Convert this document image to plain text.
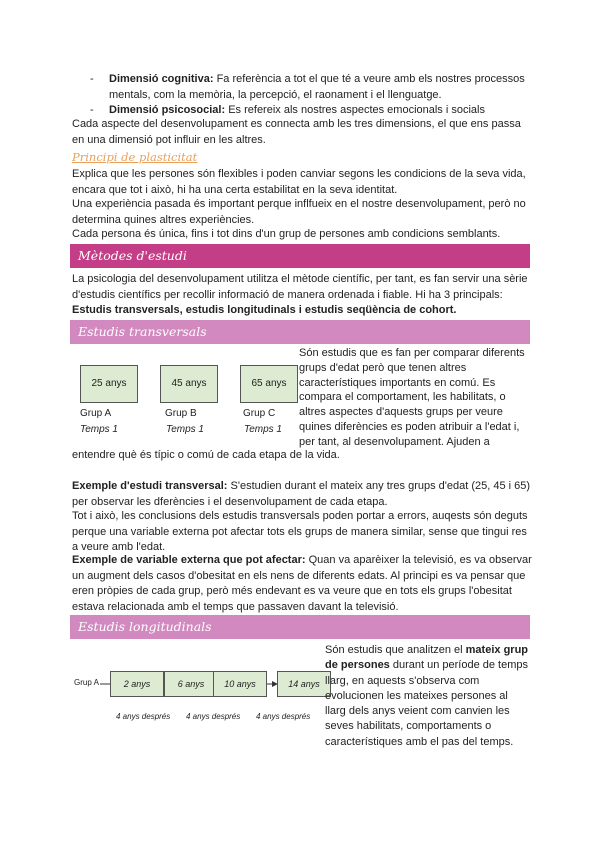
- Dimensió cognitiva: Fa referència a tot el que té a veure amb els nostres processos mentals, com la memòria, la percepció, el raonament i el llenguatge.
- Dimensió psicosocial: Es refereix als nostres aspectes emocionals i socials

Cada aspecte del desenvolupament es connecta amb les tres dimensions, el que ens passa en una dimensió pot influir en les altres.

Principi de plasticitat

Explica que les persones són flexibles i poden canviar segons les condicions de la seva vida, encara que tot i això, hi ha una certa estabilitat en la seva identitat.

Una experiència pasada és important perque inflfueix en el nostre desenvolupament, però no determina quines altres experiències.

Cada persona és única, fins i tot dins d'un grup de persones amb condicions semblants.

Mètodes d'estudi

La psicologia del desenvolupament utilitza el mètode científic, per tant, es fan servir una sèrie d'estudis científics per recollir informació de manera ordenada i fiable. Hi ha 3 principals: Estudis transversals, estudis longitudinals i estudis seqüència de cohort.

Estudis transversals
25 anys	45 anys	65 anys
Grup A	Grup B	Grup C
Temps 1	Temps 1	Temps 1

Són estudis que es fan per comparar diferents grups d'edat però que tenen altres característiques importants en comú. Es compara el comportament, les habilitats, o altres aspectes d'aquests grups per veure quines diferències es poden atribuir a l'edat i, per tant, al desenvolupament. Ajuden a

entendre què és típic o comú de cada etapa de la vida.

Exemple d'estudi transversal: S'estudien durant el mateix any tres grups d'edat (25, 45 i 65) per observar les dferències i el desenvolupament de cada etapa.

Tot i això, les conclusions dels estudis transversals poden portar a errors, auqests són deguts perque una variable externa pot afectar tots els grups de manera similar, sense que tingui res a veure amb l'edat.

Exemple de variable externa que pot afectar: Quan va aparèixer la televisió, es va observar un augment dels casos d'obesitat en els nens de diferents edats. Al principi es va pensar que eren pròpies de cada grup, però més endevant es va veure que en tots els grups l'obesitat estava relacionada amb el temps que passaven davant la televisió.

Estudis longitudinals
Grup A	2 anys	6 anys	10 anys	14 anys
4 anys després 4 anys després 4 anys després

Són estudis que analitzen el mateix grup de persones durant un període de temps llarg, en aquests s'observa com evolucionen les mateixes persones al llarg dels anys veient com canvien les seves habilitats, comportaments o característiques amb el pas del temps.
